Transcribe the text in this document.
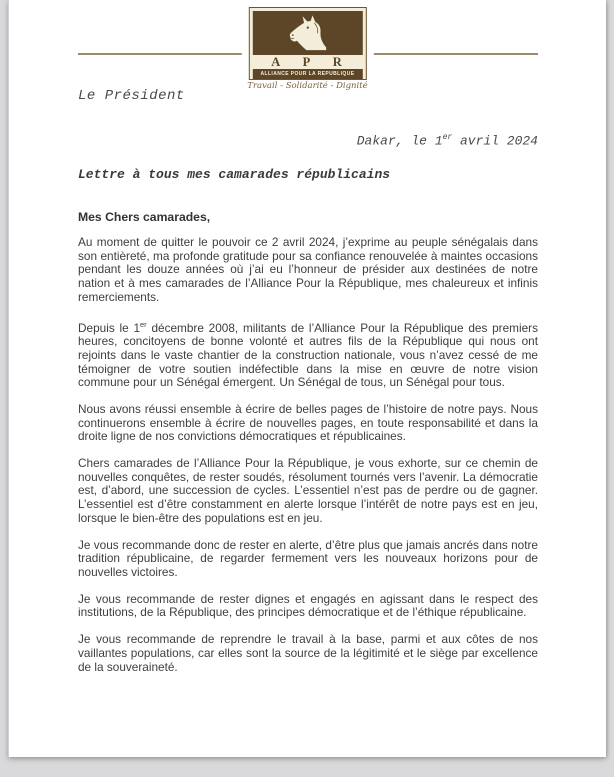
A P R
ALLIANCE POUR LA REPUBLIQUE
Travail - Solidarité - Dignité
Le Président
Dakar, le 1er avril 2024
Lettre à tous mes camarades républicains

Mes Chers camarades,

Au moment de quitter le pouvoir ce 2 avril 2024, j’exprime au peuple sénégalais dans son entièreté, ma profonde gratitude pour sa confiance renouvelée à maintes occasions pendant les douze années où j’ai eu l’honneur de présider aux destinées de notre nation et à mes camarades de l’Alliance Pour la République, mes chaleureux et infinis remerciements.

Depuis le 1er décembre 2008, militants de l’Alliance Pour la République des premiers heures, concitoyens de bonne volonté et autres fils de la République qui nous ont rejoints dans le vaste chantier de la construction nationale, vous n’avez cessé de me témoigner de votre soutien indéfectible dans la mise en œuvre de notre vision commune pour un Sénégal émergent. Un Sénégal de tous, un Sénégal pour tous.

Nous avons réussi ensemble à écrire de belles pages de l’histoire de notre pays. Nous continuerons ensemble à écrire de nouvelles pages, en toute responsabilité et dans la droite ligne de nos convictions démocratiques et républicaines.

Chers camarades de l’Alliance Pour la République, je vous exhorte, sur ce chemin de nouvelles conquêtes, de rester soudés, résolument tournés vers l’avenir. La démocratie est, d’abord, une succession de cycles. L’essentiel n’est pas de perdre ou de gagner. L’essentiel est d’être constamment en alerte lorsque l’intérêt de notre pays est en jeu, lorsque le bien-être des populations est en jeu.

Je vous recommande donc de rester en alerte, d’être plus que jamais ancrés dans notre tradition républicaine, de regarder fermement vers les nouveaux horizons pour de nouvelles victoires.

Je vous recommande de rester dignes et engagés en agissant dans le respect des institutions, de la République, des principes démocratique et de l’éthique républicaine.

Je vous recommande de reprendre le travail à la base, parmi et aux côtes de nos vaillantes populations, car elles sont la source de la légitimité et le siège par excellence de la souveraineté.
